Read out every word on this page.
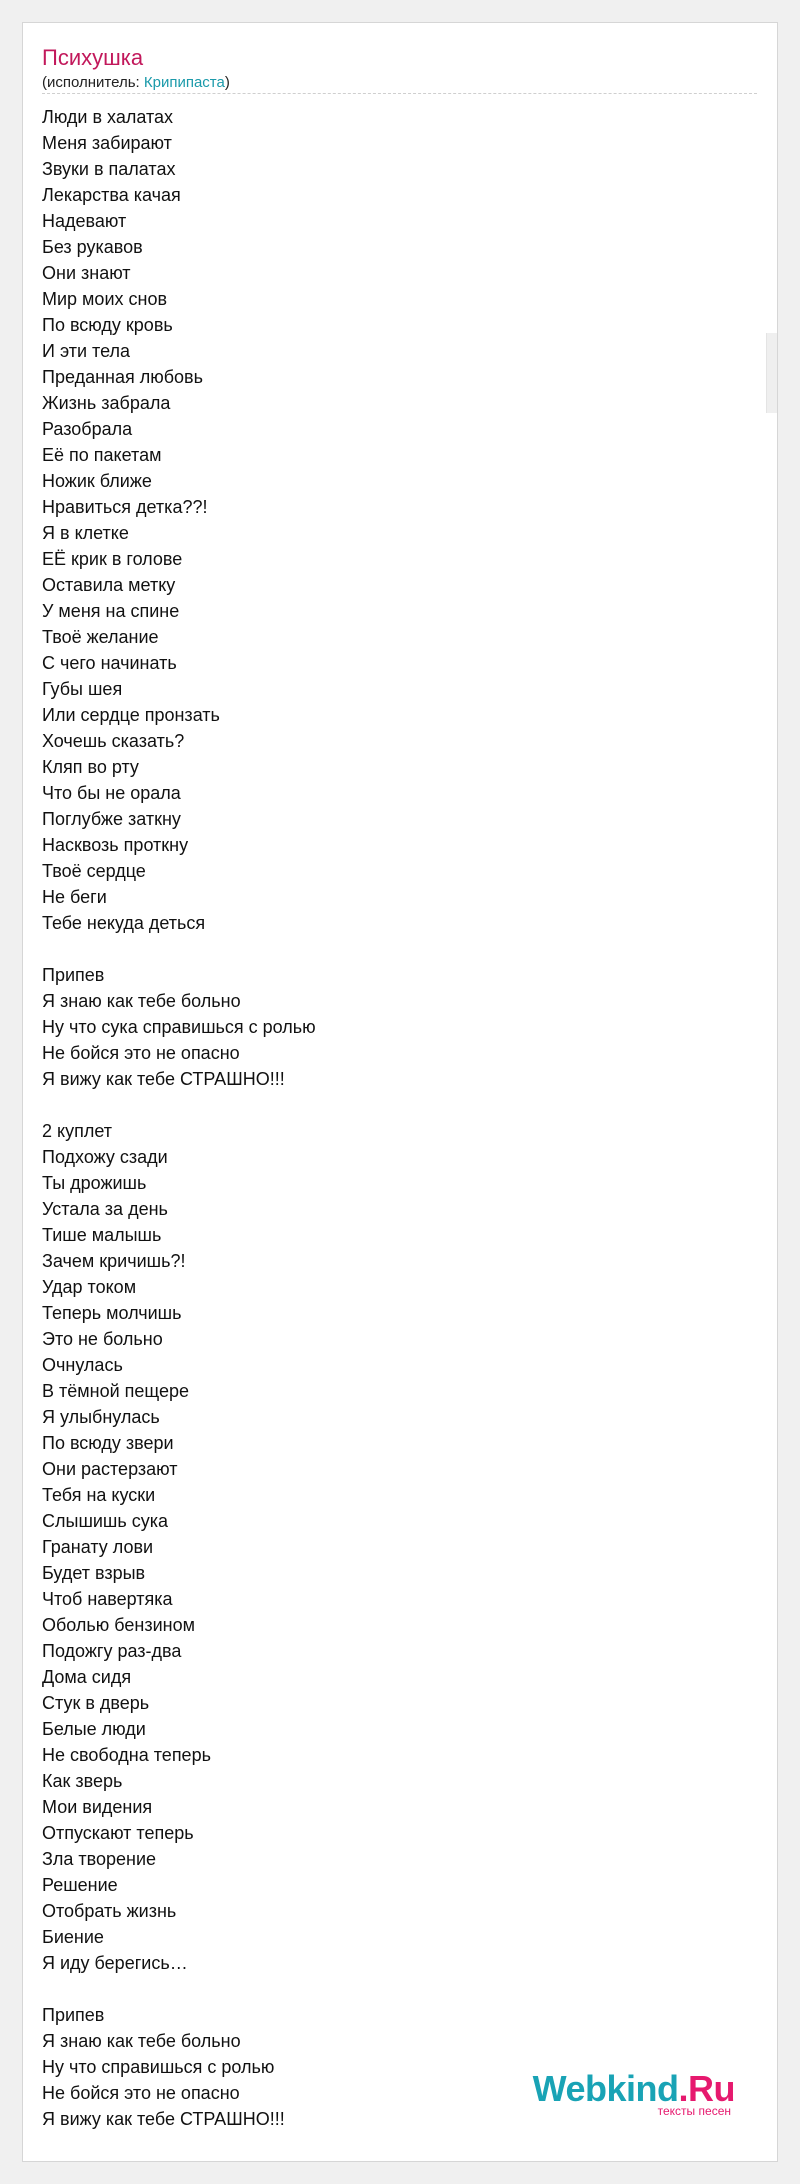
Психушка
(исполнитель: Крипипаста)
Люди в халатах
Меня забирают
Звуки в палатах
Лекарства качая
Надевают
Без рукавов
Они знают
Мир моих снов
По всюду кровь
И эти тела
Преданная любовь
Жизнь забрала
Разобрала
Её по пакетам
Ножик ближе
Нравиться детка??!
Я в клетке
ЕЁ крик в голове
Оставила метку
У меня на спине
Твоё желание
С чего начинать
Губы шея
Или сердце пронзать
Хочешь сказать?
Кляп во рту
Что бы не орала
Поглубже заткну
Насквозь проткну
Твоё сердце
Не беги
Тебе некуда деться
Припев
Я знаю как тебе больно
Ну что сука справишься с ролью
Не бойся это не опасно
Я вижу как тебе СТРАШНО!!!
2 куплет
Подхожу сзади
Ты дрожишь
Устала за день
Тише малышь
Зачем кричишь?!
Удар током
Теперь молчишь
Это не больно
Очнулась
В тёмной пещере
Я улыбнулась
По всюду звери
Они растерзают
Тебя на куски
Слышишь сука
Гранату лови
Будет взрыв
Чтоб навертяка
Оболью бензином
Подожгу раз-два
Дома сидя
Стук в дверь
Белые люди
Не свободна теперь
Как зверь
Мои видения
Отпускают теперь
Зла творение
Решение
Отобрать жизнь
Биение
Я иду берегись…
Припев
Я знаю как тебе больно
Ну что справишься с ролью
Не бойся это не опасно
Я вижу как тебе СТРАШНО!!!
Webkind.Ru
тексты песен
